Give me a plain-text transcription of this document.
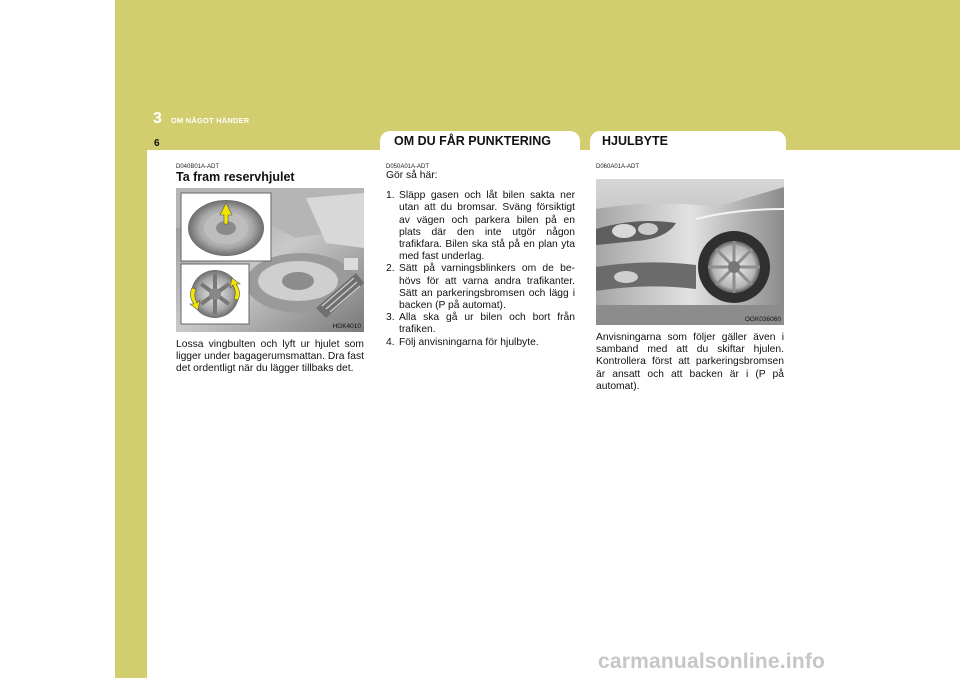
OM DU FÅR PUNKTERING	HJULBYTE
3 OM NÅGOT HÄNDER
6
D040B01A-ADT
Ta fram reservhjulet
HGK4010

Lossa vingbulten och lyft ur hjulet som ligger under bagagerumsmattan. Dra fast det ordentligt när du lägger tillbaks det.

D050A01A-ADT
Gör så här:
1. Släpp gasen och låt bilen sakta ner utan att du bromsar. Sväng försiktigt av vägen och parkera bilen på en plats där den inte utgör någon trafikfara. Bilen ska stå på en plan yta med fast underlag.
2. Sätt på varningsblinkers om de be- hövs för att varna andra trafikanter. Sätt an parkeringsbromsen och lägg i backen (P på automat).
3. Alla ska gå ur bilen och bort från trafiken.
4. Följ anvisningarna för hjulbyte.
D060A01A-ADT
OGK036060

Anvisningarna som följer gäller även i samband med att du skiftar hjulen. Kontrollera först att parkeringsbromsen är ansatt och att backen är i (P på automat).

carmanualsonline.info
